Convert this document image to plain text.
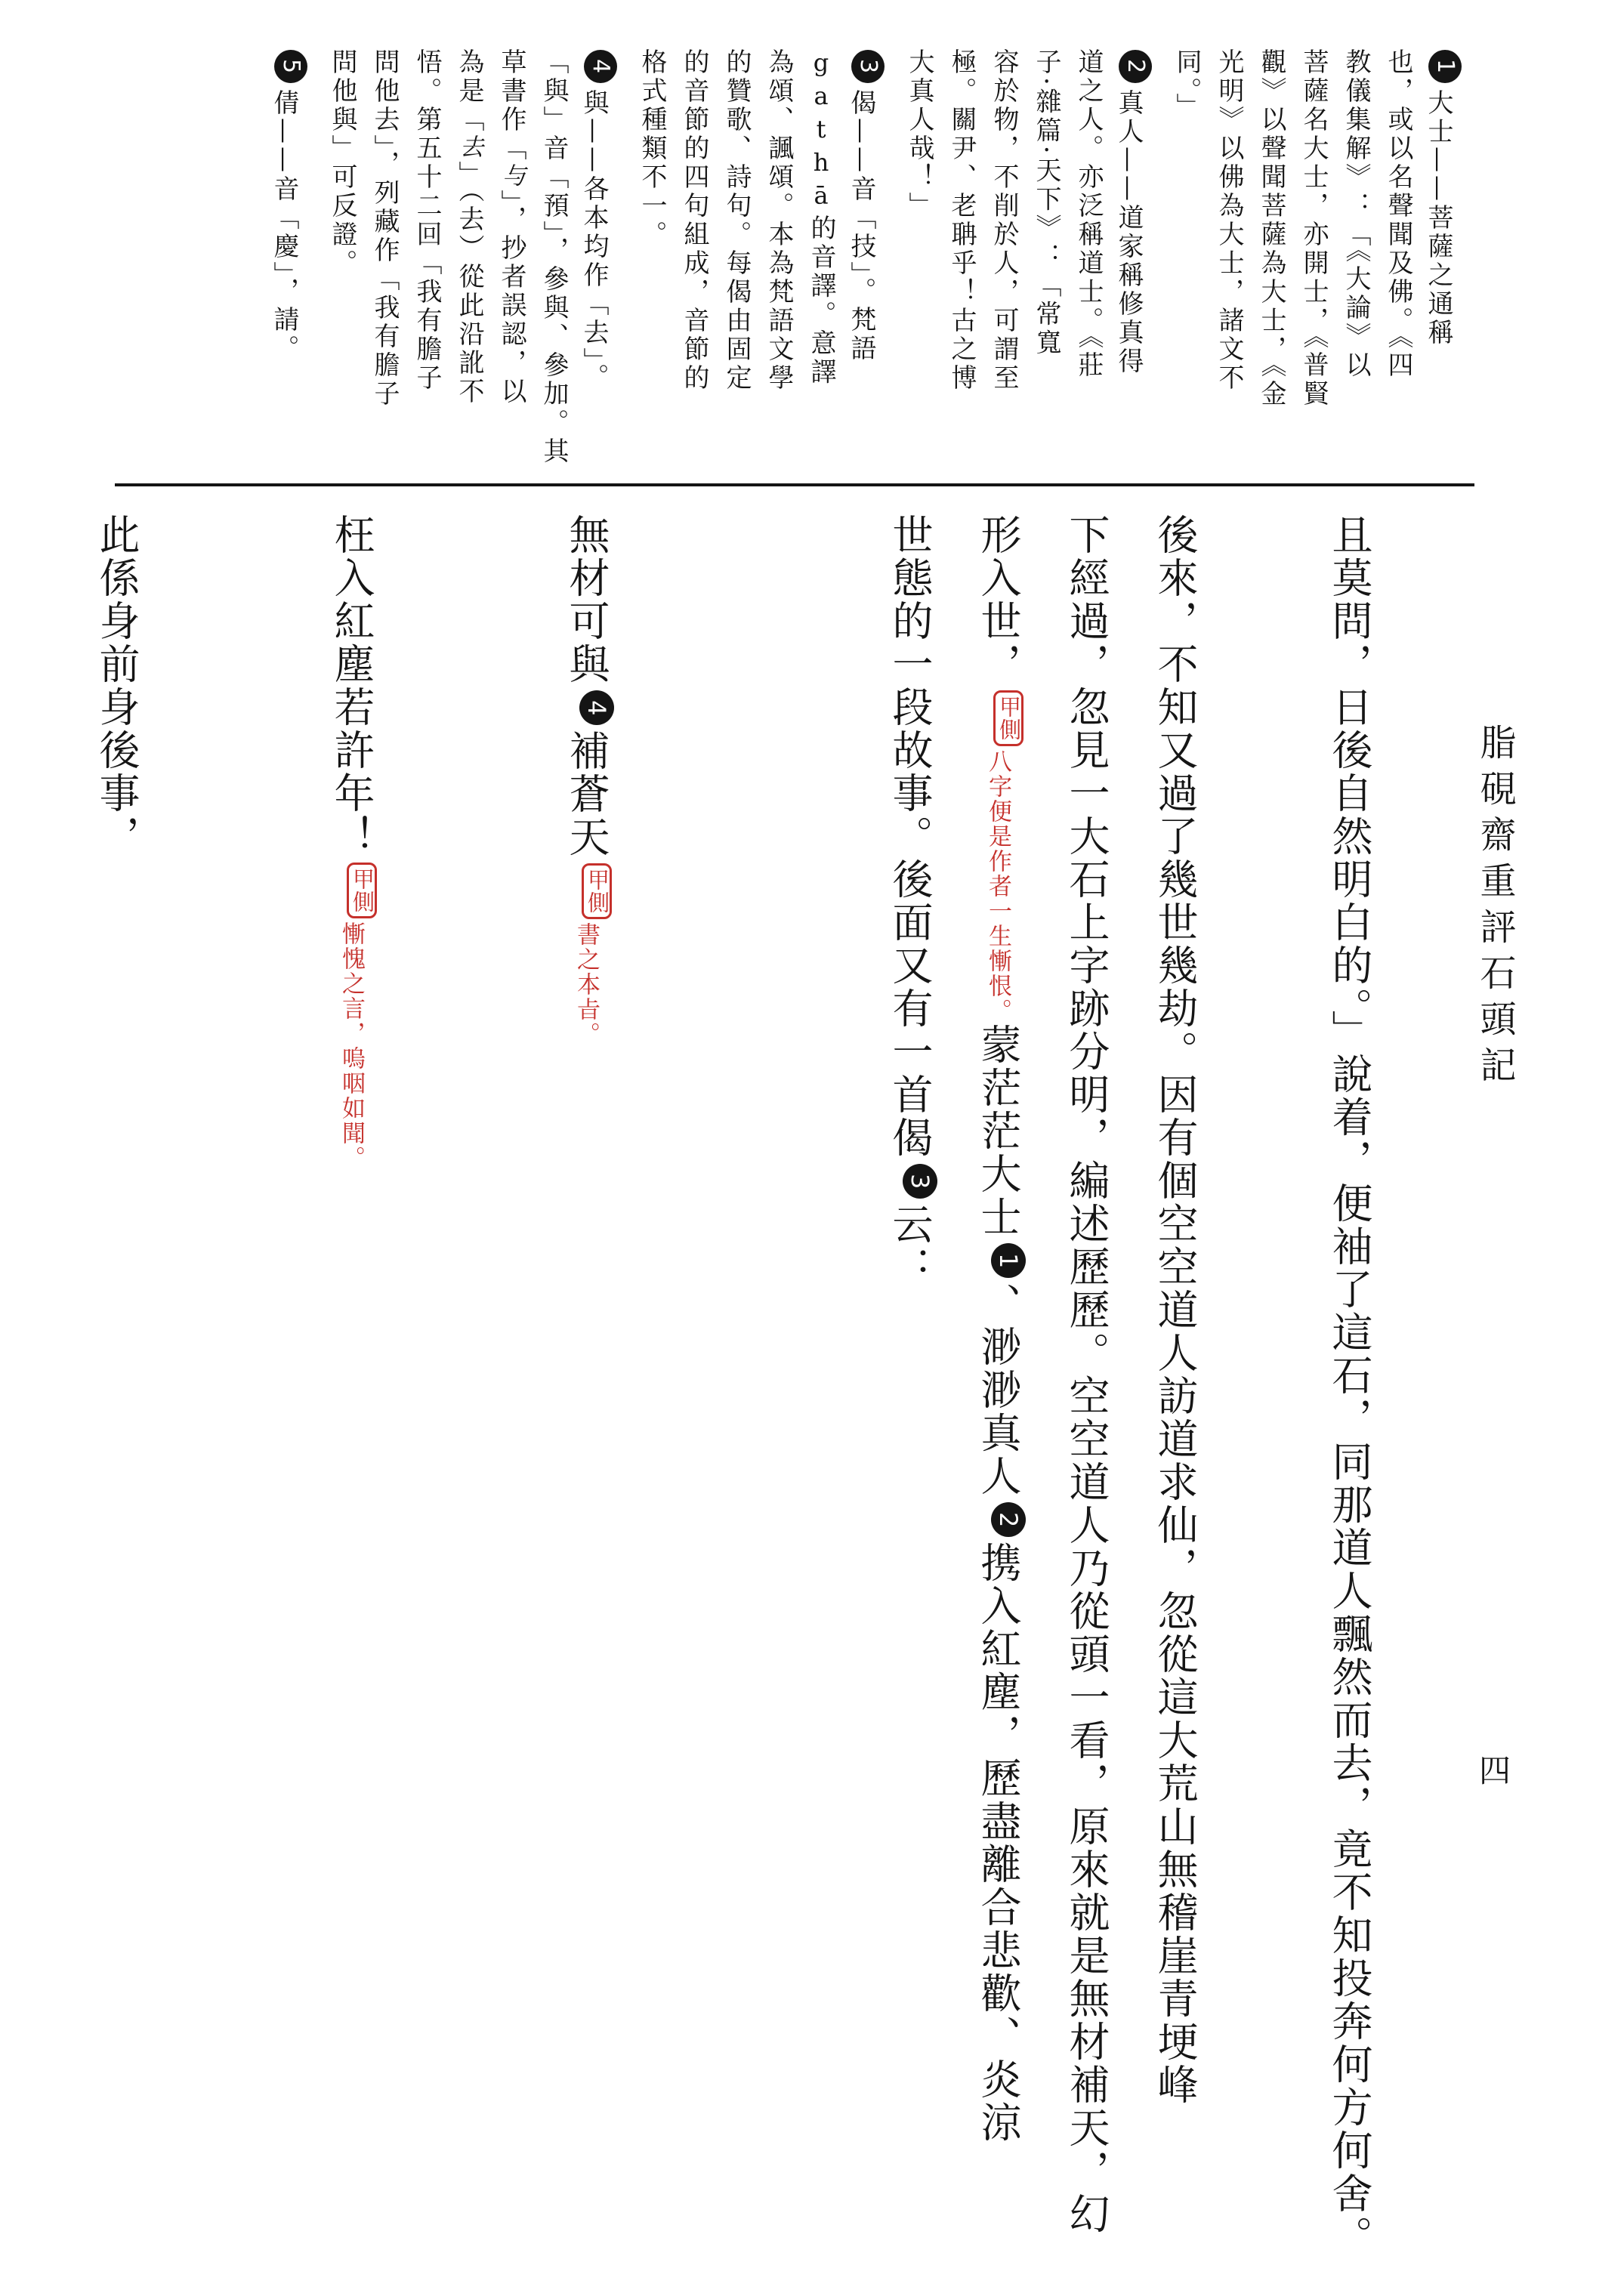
1大士——菩薩之通稱
也，或以名聲聞及佛。《四
教儀集解》：「《大論》以
菩薩名大士，亦開士，《普賢
觀》以聲聞菩薩為大士，《金
光明》以佛為大士，諸文不
同。」
2真人——道家稱修真得
道之人。亦泛稱道士。《莊
子·雜篇·天下》：「常寬
容於物，不削於人，可謂至
極。關尹、老聃乎！古之博
大真人哉！」
3偈——音「技」。梵語
gathā的音譯。意譯
為頌、諷頌。本為梵語文學
的贊歌、詩句。每偈由固定
的音節的四句組成，音節的
格式種類不一。
4與——各本均作「去」。
「與」音「預」，參與、參加。其
草書作「与」，抄者誤認，以
為是「去」（去）從此沿訛不
悟。第五十二回「我有膽子
問他去」，列藏作「我有膽子
問他與」可反證。
5倩——音「慶」，請。
脂硯齋重評石頭記
四
且莫問，日後自然明白的。」說着，便袖了這石，同那道人飄然而去，竟不知投奔何方何舍。
後來，不知又過了幾世幾劫。因有個空空道人訪道求仙，忽從這大荒山無稽崖青埂峰
下經過，忽見一大石上字跡分明，編述歷歷。空空道人乃從頭一看，原來就是無材補天，幻
形入世，甲側八字便是作者一生慚恨。蒙茫茫大士1、渺渺真人2携入紅塵，歷盡離合悲歡、炎涼
世態的一段故事。後面又有一首偈3云：
無材可與4補蒼天甲側書之本㫖。
枉入紅塵若許年！甲側慚愧之言，嗚咽如聞。
此係身前身後事，
